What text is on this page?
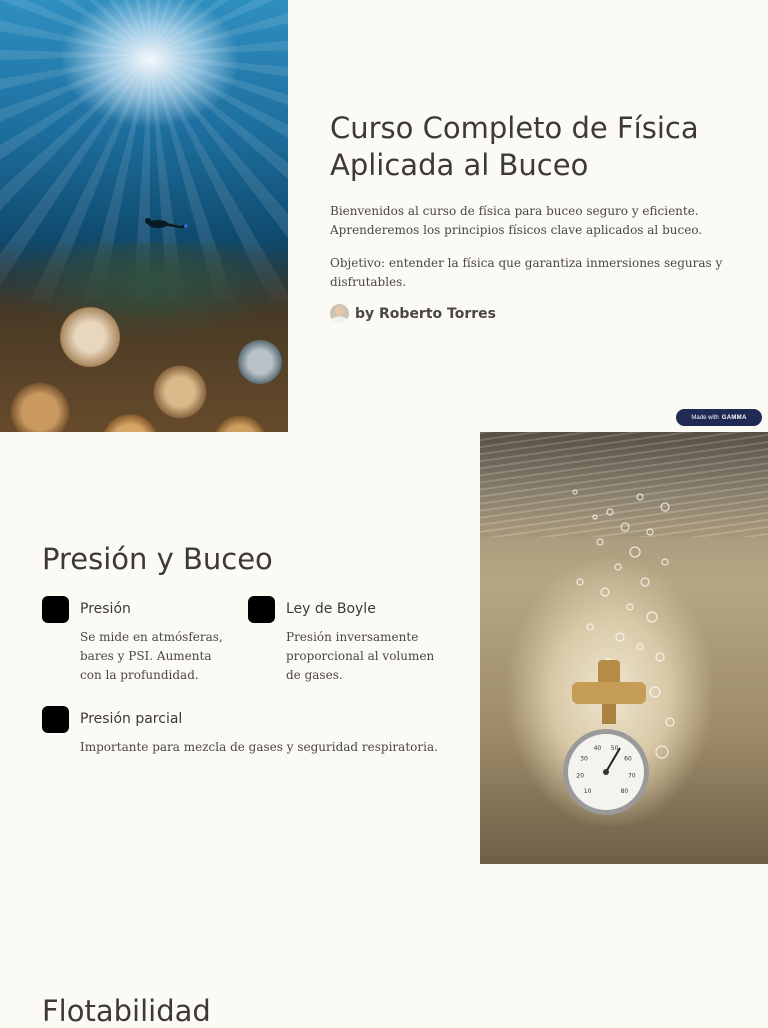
Curso Completo de Física Aplicada al Buceo

Bienvenidos al curso de física para buceo seguro y eficiente. Aprenderemos los principios físicos clave aplicados al buceo.

Objetivo: entender la física que garantiza inmersiones seguras y disfrutables.

by Roberto Torres
Made with GAMMA
Presión y Buceo
Presión

Se mide en atmósferas, bares y PSI. Aumenta con la profundidad.

Ley de Boyle

Presión inversamente proporcional al volumen de gases.

Presión parcial

Importante para mezcla de gases y seguridad respiratoria.

10
20
30
40 50
60
70
80
Flotabilidad
